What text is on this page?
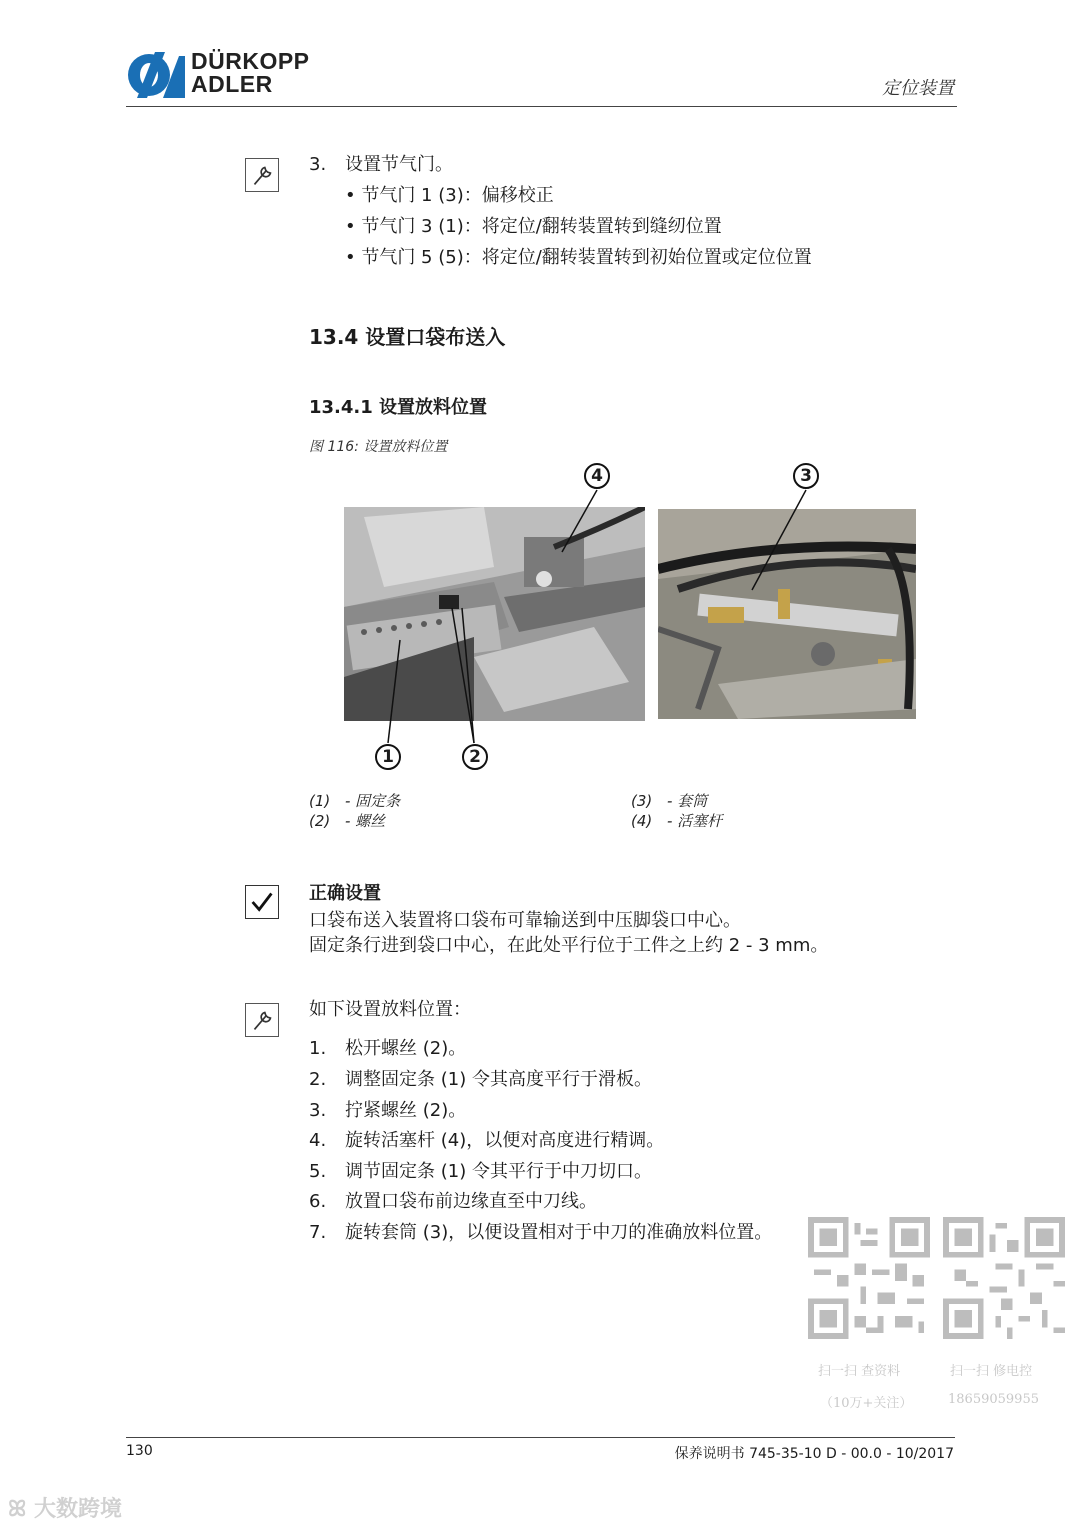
DÜRKOPP
ADLER	定位装置
3. 设置节气门。
• 节气门 1 (3)：偏移校正
• 节气门 3 (1)：将定位/翻转装置转到缝纫位置
• 节气门 5 (5)：将定位/翻转装置转到初始位置或定位位置
13.4 设置口袋布送入
13.4.1 设置放料位置
图 116: 设置放料位置
4	3
1	2
(1) - 固定条
(2) - 螺丝
(3) - 套筒
(4) - 活塞杆
正确设置
口袋布送入装置将口袋布可靠输送到中压脚袋口中心。
固定条行进到袋口中心，在此处平行位于工件之上约 2 - 3 mm。
如下设置放料位置：
1. 松开螺丝 (2)。
2. 调整固定条 (1) 令其高度平行于滑板。
3. 拧紧螺丝 (2)。
4. 旋转活塞杆 (4)，以便对高度进行精调。
5. 调节固定条 (1) 令其平行于中刀切口。
6. 放置口袋布前边缘直至中刀线。
7. 旋转套筒 (3)，以便设置相对于中刀的准确放料位置。
扫一扫 查资料
（10万+关注）
扫一扫 修电控
18659059955
130	保养说明书 745-35-10 D - 00.0 - 10/2017
ꕤ 大数跨境
